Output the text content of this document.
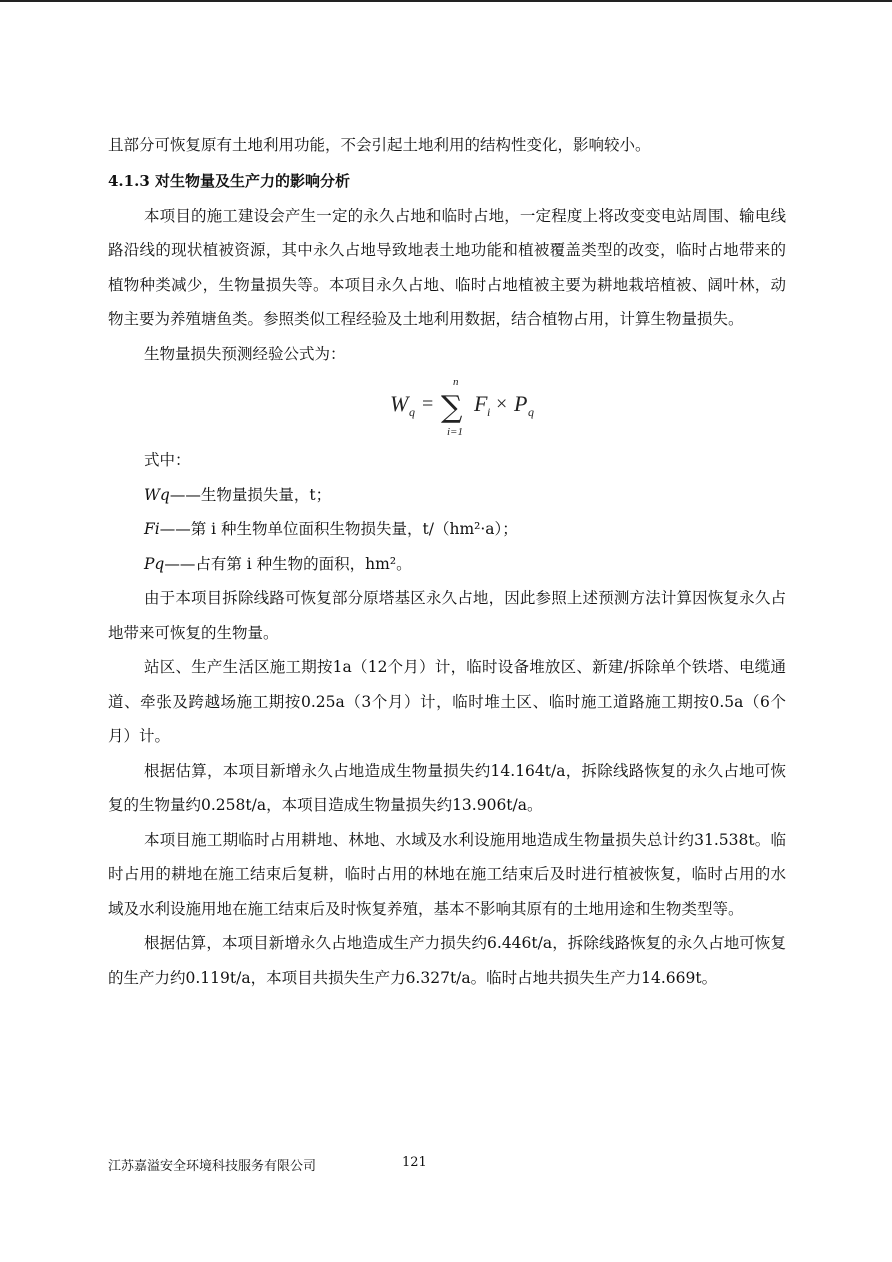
且部分可恢复原有土地利用功能，不会引起土地利用的结构性变化，影响较小。

4.1.3 对生物量及生产力的影响分析

本项目的施工建设会产生一定的永久占地和临时占地，一定程度上将改变变电站周围、输电线路沿线的现状植被资源，其中永久占地导致地表土地功能和植被覆盖类型的改变，临时占地带来的植物种类减少，生物量损失等。本项目永久占地、临时占地植被主要为耕地栽培植被、阔叶林，动物主要为养殖塘鱼类。参照类似工程经验及土地利用数据，结合植物占用，计算生物量损失。

生物量损失预测经验公式为：

W q =
n
∑
i=1
F i × P q

式中：

Wq——生物量损失量，t；

Fi——第 i 种生物单位面积生物损失量，t/（hm²·a）；

Pq——占有第 i 种生物的面积，hm²。

由于本项目拆除线路可恢复部分原塔基区永久占地，因此参照上述预测方法计算因恢复永久占地带来可恢复的生物量。

站区、生产生活区施工期按1a（12个月）计，临时设备堆放区、新建/拆除单个铁塔、电缆通道、牵张及跨越场施工期按0.25a（3个月）计，临时堆土区、临时施工道路施工期按0.5a（6个月）计。

根据估算，本项目新增永久占地造成生物量损失约14.164t/a，拆除线路恢复的永久占地可恢复的生物量约0.258t/a，本项目造成生物量损失约13.906t/a。

本项目施工期临时占用耕地、林地、水域及水利设施用地造成生物量损失总计约31.538t。临时占用的耕地在施工结束后复耕，临时占用的林地在施工结束后及时进行植被恢复，临时占用的水域及水利设施用地在施工结束后及时恢复养殖，基本不影响其原有的土地用途和生物类型等。

根据估算，本项目新增永久占地造成生产力损失约6.446t/a，拆除线路恢复的永久占地可恢复的生产力约0.119t/a，本项目共损失生产力6.327t/a。临时占地共损失生产力14.669t。

江苏嘉溢安全环境科技服务有限公司	121
